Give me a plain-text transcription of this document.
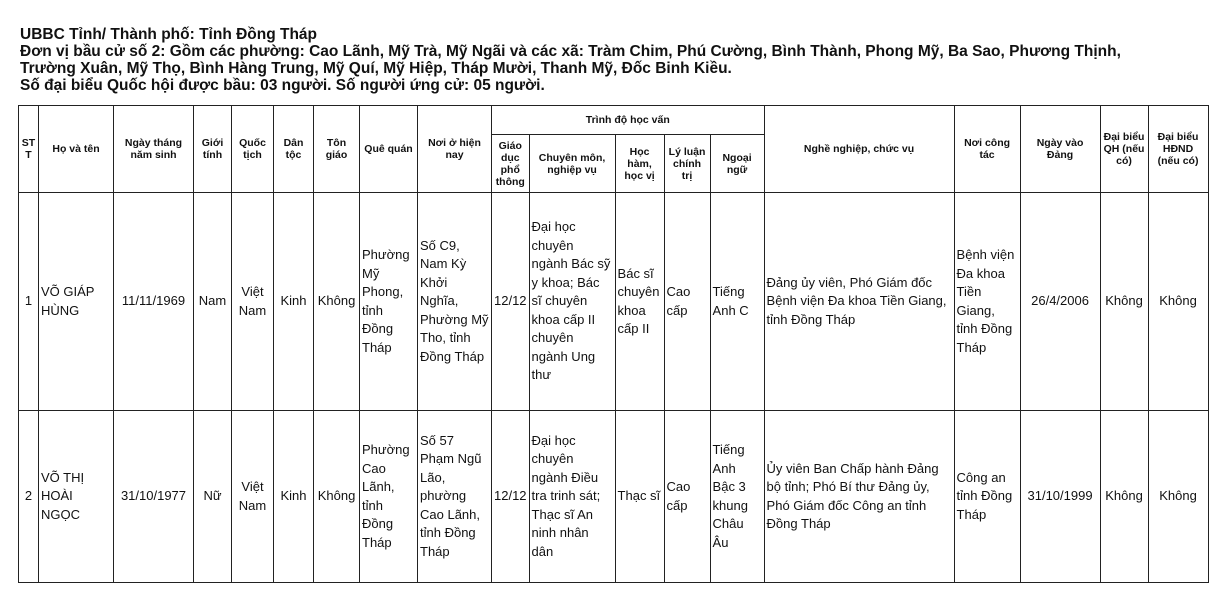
UBBC Tỉnh/ Thành phố: Tỉnh Đồng Tháp
Đơn vị bầu cử số 2: Gồm các phường: Cao Lãnh, Mỹ Trà, Mỹ Ngãi và các xã: Tràm Chim, Phú Cường, Bình Thành, Phong Mỹ, Ba Sao, Phương Thịnh,
Trường Xuân, Mỹ Thọ, Bình Hàng Trung, Mỹ Quí, Mỹ Hiệp, Tháp Mười, Thanh Mỹ, Đốc Binh Kiều.
Số đại biểu Quốc hội được bầu: 03 người. Số người ứng cử: 05 người.
ST T	Họ và tên	Ngày tháng năm sinh	Giới tính	Quốc tịch	Dân tộc	Tôn giáo	Quê quán	Nơi ở hiện nay	Trình độ học vấn					Nghề nghiệp, chức vụ	Nơi công tác	Ngày vào Đảng	Đại biểu QH (nếu có)	Đại biểu HĐND (nếu có)
									Giáo dục phổ thông	Chuyên môn, nghiệp vụ	Học hàm, học vị	Lý luận chính trị	Ngoại ngữ					
1	VÕ GIÁP HÙNG	11/11/1969	Nam	Việt Nam	Kinh	Không	Phường Mỹ Phong, tỉnh Đồng Tháp	Số C9, Nam Kỳ Khởi Nghĩa, Phường Mỹ Tho, tỉnh Đồng Tháp	12/12	Đại học chuyên ngành Bác sỹ y khoa; Bác sĩ chuyên khoa cấp II chuyên ngành Ung thư	Bác sĩ chuyên khoa cấp II	Cao cấp	Tiếng Anh C	Đảng ủy viên, Phó Giám đốc Bệnh viện Đa khoa Tiền Giang, tỉnh Đồng Tháp	Bệnh viện Đa khoa Tiền Giang, tỉnh Đồng Tháp	26/4/2006	Không	Không
2	VÕ THỊ HOÀI NGỌC	31/10/1977	Nữ	Việt Nam	Kinh	Không	Phường Cao Lãnh, tỉnh Đồng Tháp	Số 57 Phạm Ngũ Lão, phường Cao Lãnh, tỉnh Đồng Tháp	12/12	Đại học chuyên ngành Điều tra trinh sát; Thạc sĩ An ninh nhân dân	Thạc sĩ	Cao cấp	Tiếng Anh Bậc 3 khung Châu Âu	Ủy viên Ban Chấp hành Đảng bộ tỉnh; Phó Bí thư Đảng ủy, Phó Giám đốc Công an tỉnh Đồng Tháp	Công an tỉnh Đồng Tháp	31/10/1999	Không	Không
